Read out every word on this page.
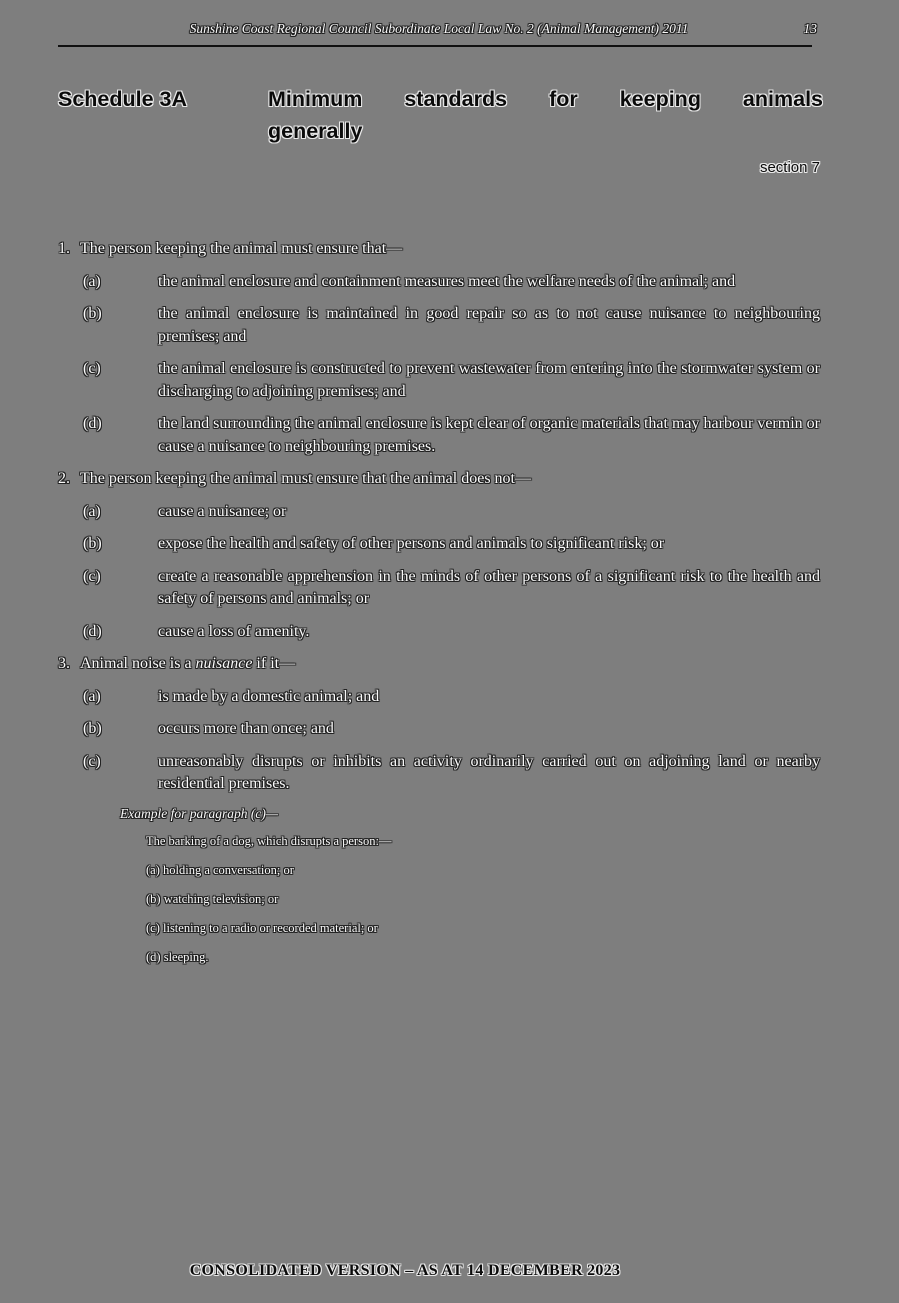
Sunshine Coast Regional Council Subordinate Local Law No. 2 (Animal Management) 2011	13
Schedule 3A	Minimum standards for keeping animals
generally
section 7
1. The person keeping the animal must ensure that—
(a)	the animal enclosure and containment measures meet the welfare needs of the animal; and
(b)	the animal enclosure is maintained in good repair so as to not cause nuisance to neighbouring premises; and
(c)	the animal enclosure is constructed to prevent wastewater from entering into the stormwater system or discharging to adjoining premises; and
(d)	the land surrounding the animal enclosure is kept clear of organic materials that may harbour vermin or cause a nuisance to neighbouring premises.
2. The person keeping the animal must ensure that the animal does not—
(a)	cause a nuisance; or
(b)	expose the health and safety of other persons and animals to significant risk; or
(c)	create a reasonable apprehension in the minds of other persons of a significant risk to the health and safety of persons and animals; or
(d)	cause a loss of amenity.
3. Animal noise is a nuisance if it—
(a)	is made by a domestic animal; and
(b)	occurs more than once; and
(c)	unreasonably disrupts or inhibits an activity ordinarily carried out on adjoining land or nearby residential premises.
Example for paragraph (c)—

The barking of a dog, which disrupts a person:—

(a) holding a conversation; or

(b) watching television; or

(c) listening to a radio or recorded material; or

(d) sleeping.

CONSOLIDATED VERSION – AS AT 14 DECEMBER 2023
